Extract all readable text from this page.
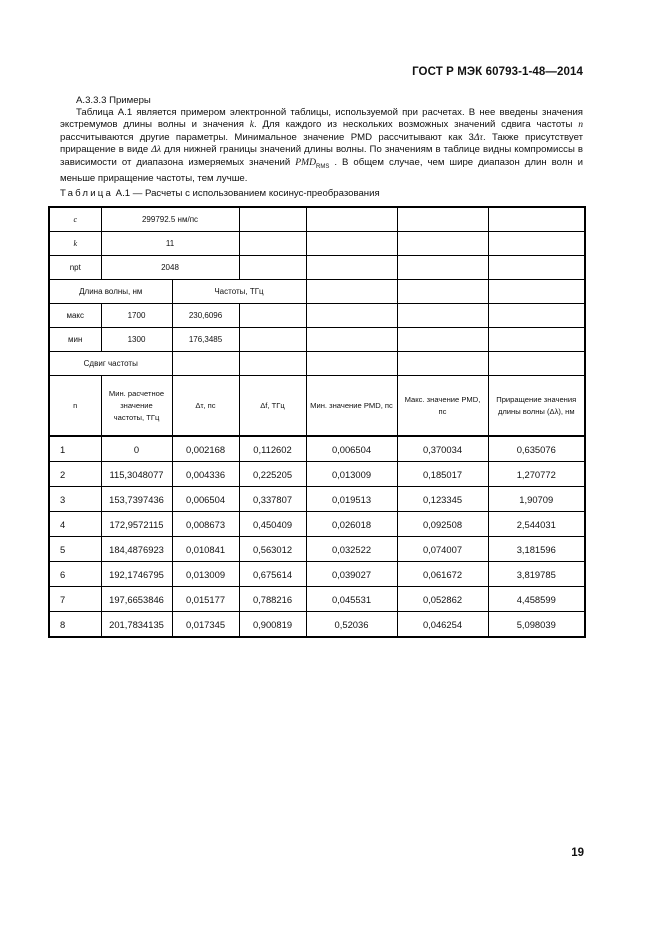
ГОСТ Р МЭК 60793-1-48—2014
А.3.3.3 Примеры

Таблица А.1 является примером электронной таблицы, используемой при расчетах. В нее введены значения экстремумов длины волны и значения k. Для каждого из нескольких возможных значений сдвига частоты n рассчитываются другие параметры. Минимальное значение PMD рассчитывают как 3Δτ. Также присутствует приращение в виде Δλ для нижней границы значений длины волны. По значениям в таблице видны компромиссы в зависимости от диапазона измеряемых значений $PMD_{RMS}$ . В общем случае, чем шире диапазон длин волн и меньше приращение частоты, тем лучше.

Таблица А.1 — Расчеты с использованием косинус-преобразования
c	299792.5 нм/пс					
k	11					
npt	2048					
Длина волны, нм		Частоты, ТГц				
макс	1700	230,6096				
мин	1300	176,3485				
Сдвиг частоты						
n	Мин. расчетное значение частоты, ТГц	Δτ, пс	Δf, ТГц	Мин. значение PMD, пс	Макс. значение PMD, пс	Приращение значения длины волны (Δλ), нм
1	0	0,002168	0,112602	0,006504	0,370034	0,635076
2	115,3048077	0,004336	0,225205	0,013009	0,185017	1,270772
3	153,7397436	0,006504	0,337807	0,019513	0,123345	1,90709
4	172,9572115	0,008673	0,450409	0,026018	0,092508	2,544031
5	184,4876923	0,010841	0,563012	0,032522	0,074007	3,181596
6	192,1746795	0,013009	0,675614	0,039027	0,061672	3,819785
7	197,6653846	0,015177	0,788216	0,045531	0,052862	4,458599
8	201,7834135	0,017345	0,900819	0,52036	0,046254	5,098039
19
